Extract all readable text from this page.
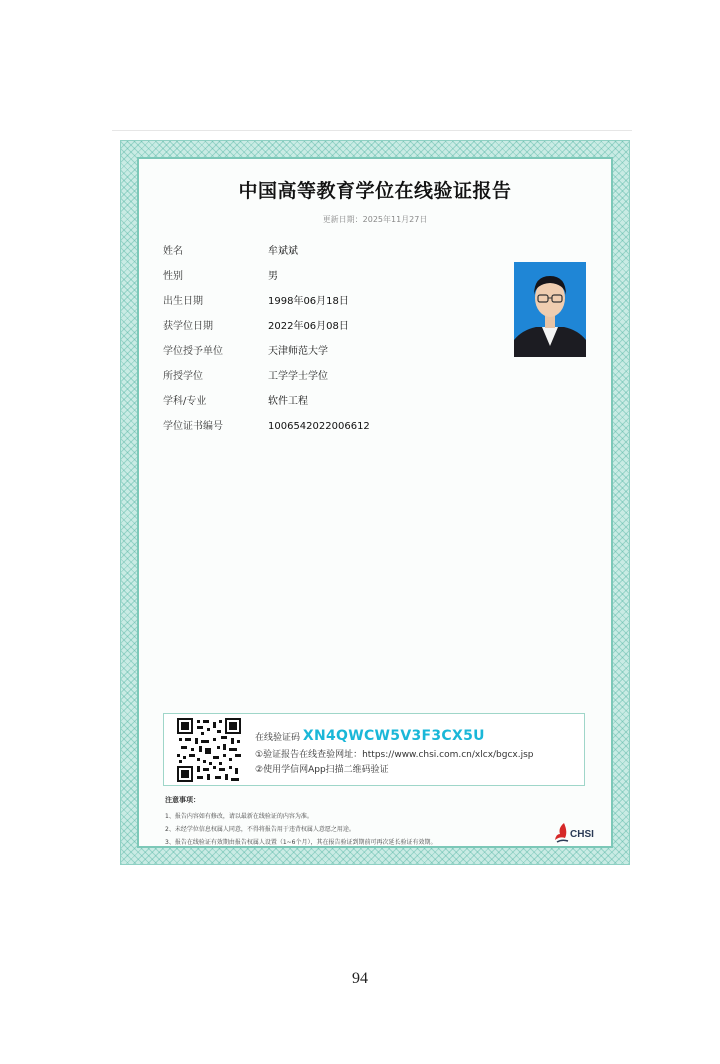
中国高等教育学位在线验证报告
更新日期：2025年11月27日
姓名	牟斌斌
性别	男
出生日期	1998年06月18日
获学位日期	2022年06月08日
学位授予单位	天津师范大学
所授学位	工学学士学位
学科/专业	软件工程
学位证书编号	1006542022006612
在线验证码 XN4QWCW5V3F3CX5U
①验证报告在线查验网址：https://www.chsi.com.cn/xlcx/bgcx.jsp
②使用学信网App扫描二维码验证
注意事项：
1、报告内容如有修改，请以最新在线验证的内容为准。
2、未经学位信息权属人同意，不得将报告用于违背权属人意愿之用途。
3、报告在线验证有效期由报告权属人设置（1~6个月），其在报告验证到期前可再次延长验证有效期。
CHSI
94
